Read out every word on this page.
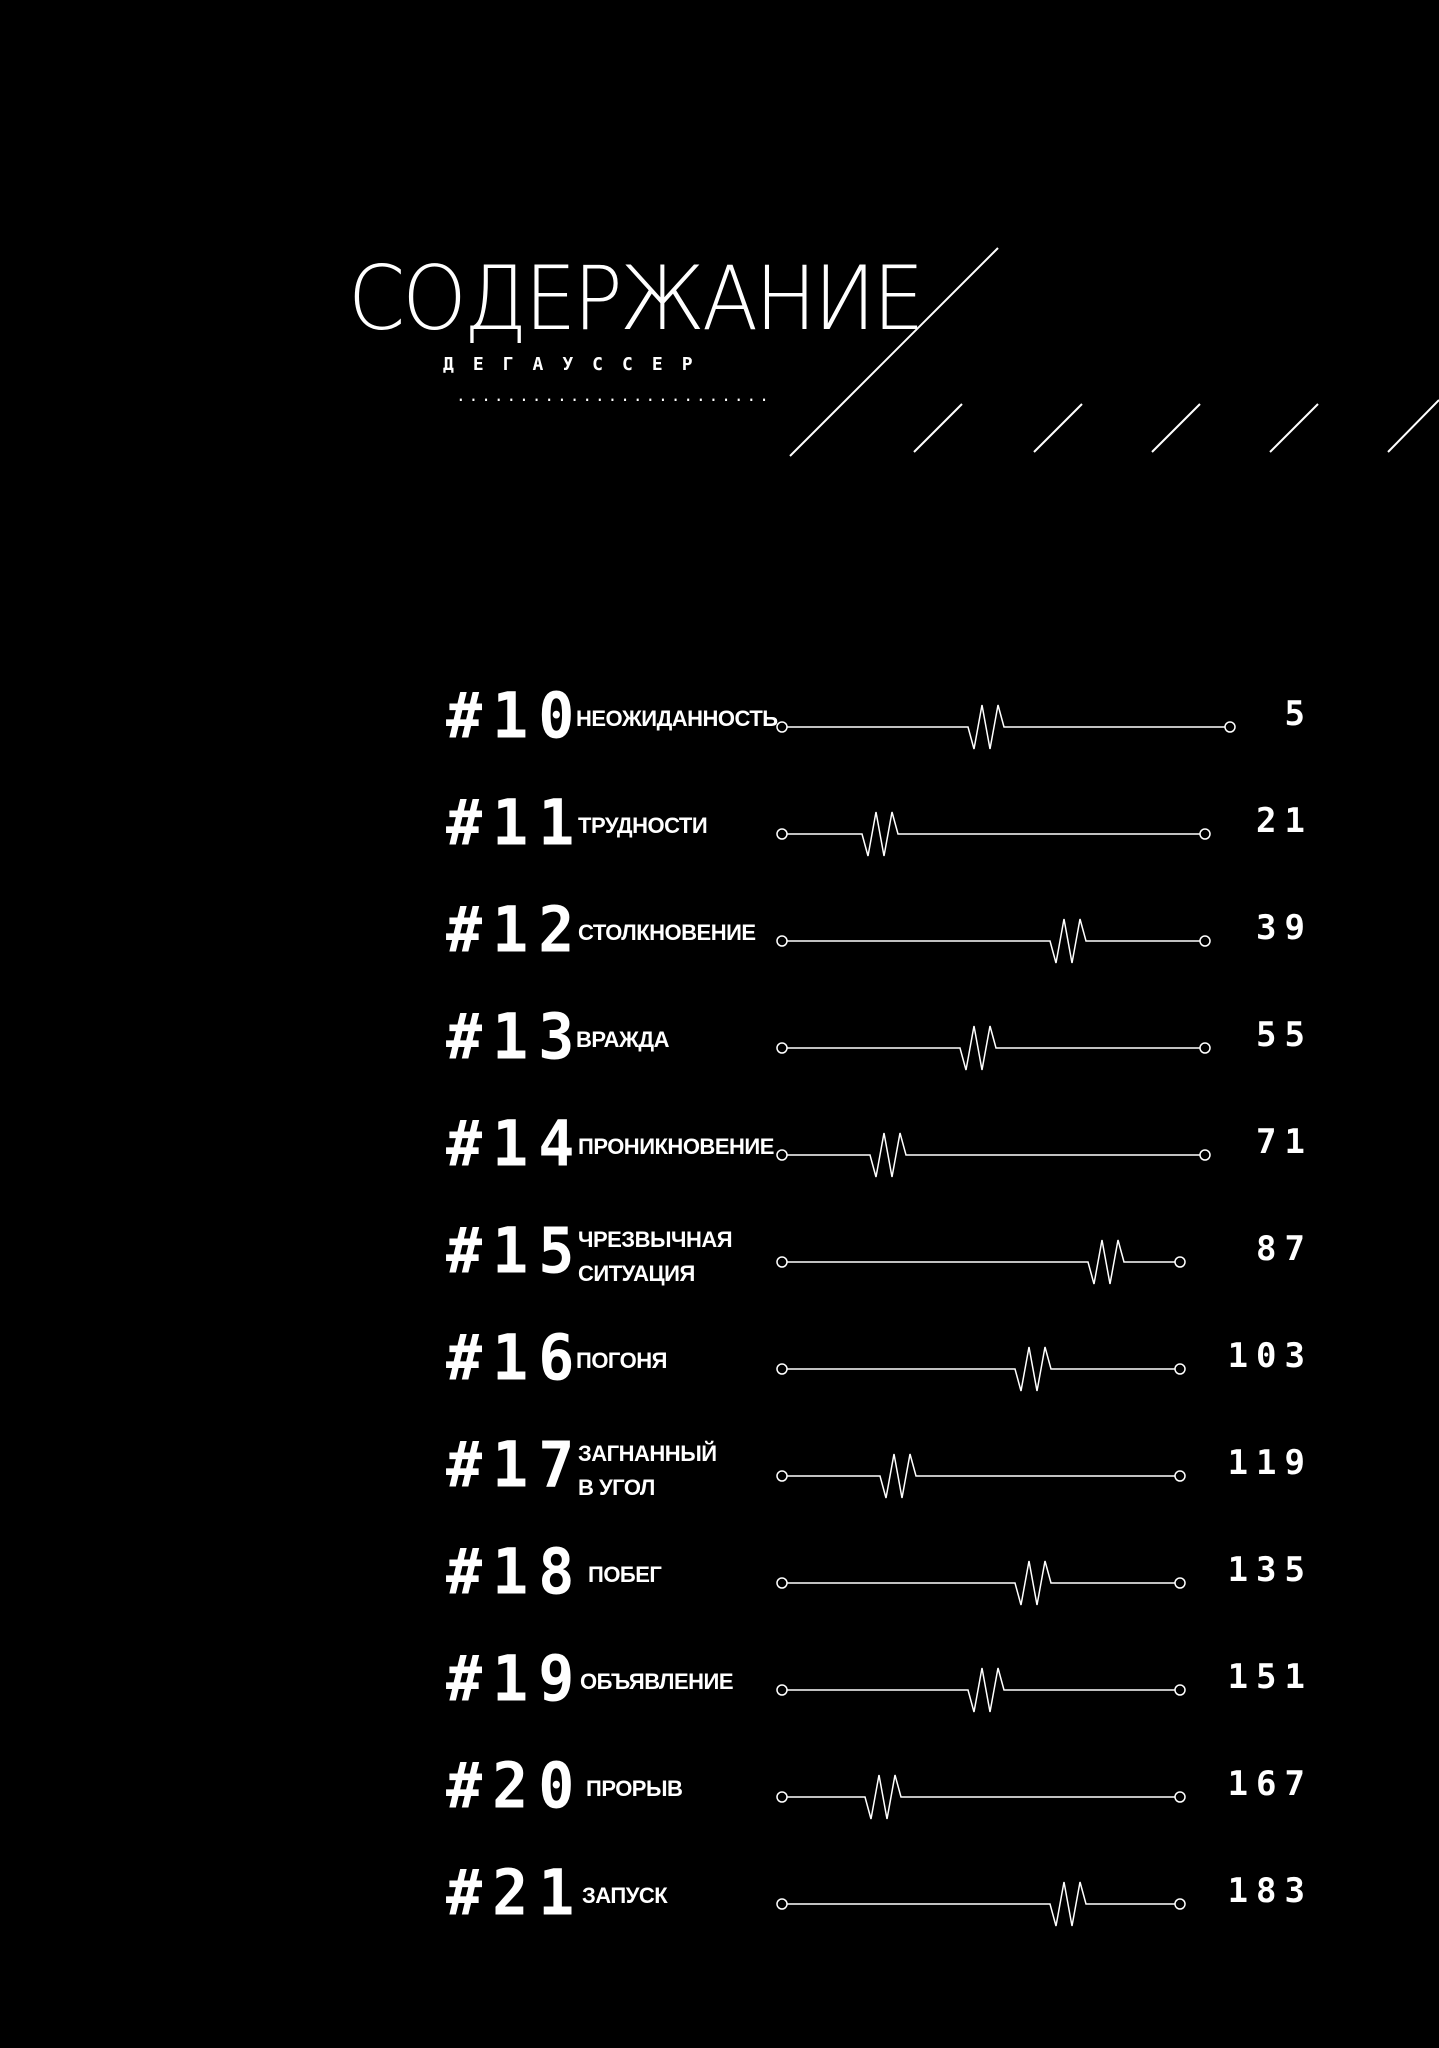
СОДЕРЖАНИЕ
ДЕГАУССЕР
.........................
#10
НЕОЖИДАННОСТЬ	5
#11
ТРУДНОСТИ	21
#12
СТОЛКНОВЕНИЕ	39
#13
ВРАЖДА	55
#14
ПРОНИКНОВЕНИЕ	71
#15
ЧРЕЗВЫЧНАЯ
СИТУАЦИЯ
87
#16
ПОГОНЯ	103
#17
ЗАГНАННЫЙ
В УГОЛ
119
#18 ПОБЕГ	135
#19
ОБЪЯВЛЕНИЕ	151
#20 ПРОРЫВ	167
#21
ЗАПУСК	183
